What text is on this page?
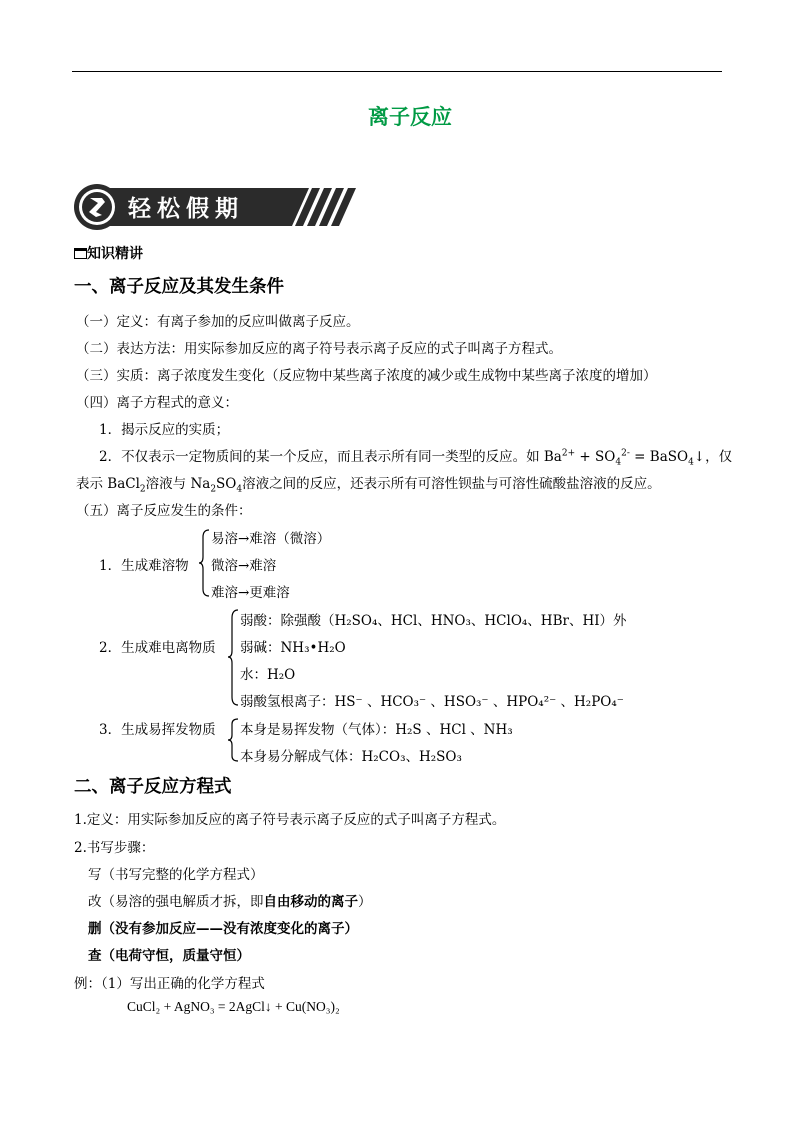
离子反应
轻松假期
知识精讲
一、离子反应及其发生条件
（一）定义：有离子参加的反应叫做离子反应。
（二）表达方法：用实际参加反应的离子符号表示离子反应的式子叫离子方程式。
（三）实质：离子浓度发生变化（反应物中某些离子浓度的减少或生成物中某些离子浓度的增加）
（四）离子方程式的意义：
1．揭示反应的实质；
2．不仅表示一定物质间的某一个反应，而且表示所有同一类型的反应。如 $Ba^{2+} + SO_4^{2-}$ = BaSO$_4$↓，仅
表示 BaCl$_2$溶液与 $Na_2SO_4$溶液之间的反应，还表示所有可溶性钡盐与可溶性硫酸盐溶液的反应。
（五）离子反应发生的条件：
1．生成难溶物
易溶→难溶（微溶）
微溶→难溶
难溶→更难溶
2．生成难电离物质
弱酸：除强酸（H₂SO₄、HCl、HNO₃、HClO₄、HBr、HI）外
弱碱：NH₃•H₂O
水：H₂O
弱酸氢根离子：HS⁻ 、HCO₃⁻ 、HSO₃⁻ 、HPO₄²⁻ 、H₂PO₄⁻
3．生成易挥发物质 本身是易挥发物（气体）：H₂S 、HCl 、NH₃
本身易分解成气体：H₂CO₃、H₂SO₃
二、离子反应方程式
1.定义：用实际参加反应的离子符号表示离子反应的式子叫离子方程式。
2.书写步骤：
写（书写完整的化学方程式）
改（易溶的强电解质才拆，即自由移动的离子）
删（没有参加反应——没有浓度变化的离子）
查（电荷守恒，质量守恒）
例：（1）写出正确的化学方程式
CuCl₂ + AgNO₃ = 2AgCl↓ + Cu(NO₃)₂
